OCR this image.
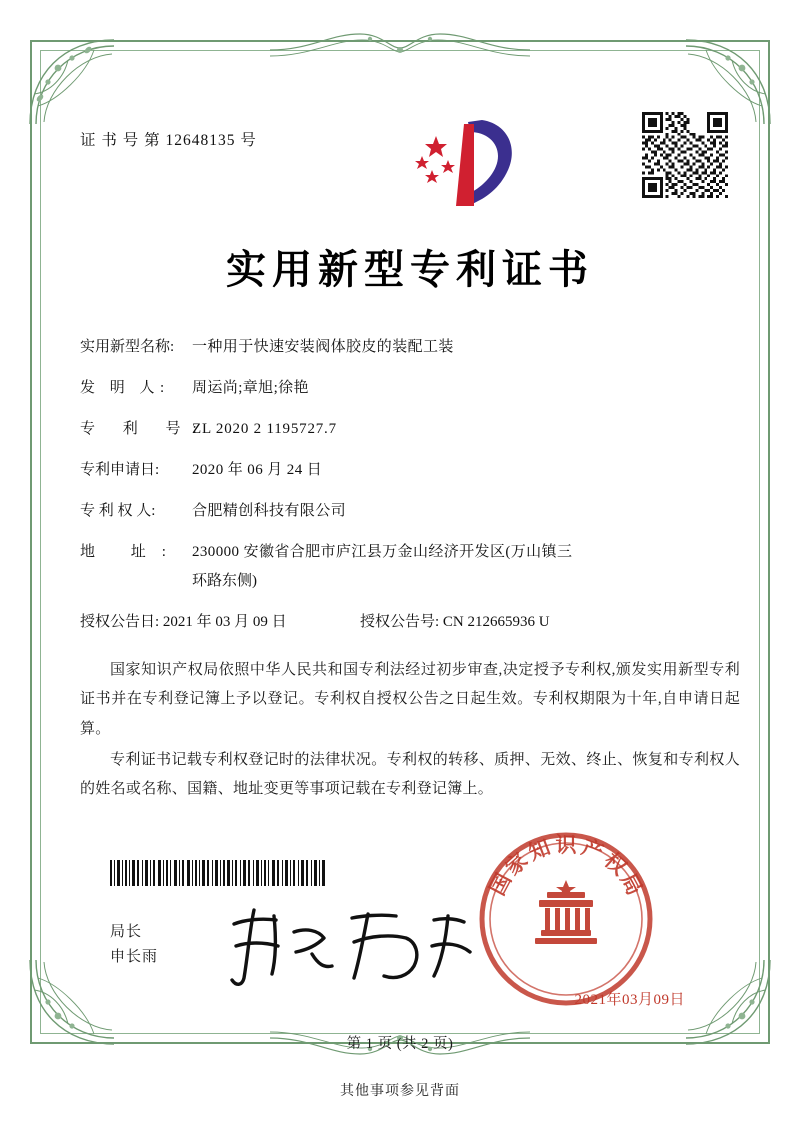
证 书 号 第 12648135 号
实用新型专利证书
实用新型名称:	一种用于快速安装阀体胶皮的装配工装
发 明 人:	周运尚;章旭;徐艳
专 利 号:
ZL 2020 2 1195727.7
专利申请日:	2020 年 06 月 24 日
专 利 权 人:	合肥精创科技有限公司
地 址: 230000 安徽省合肥市庐江县万金山经济开发区(万山镇三
环路东侧)
授权公告日: 2021 年 03 月 09 日	授权公告号: CN 212665936 U

国家知识产权局依照中华人民共和国专利法经过初步审查,决定授予专利权,颁发实用新型专利证书并在专利登记簿上予以登记。专利权自授权公告之日起生效。专利权期限为十年,自申请日起算。

专利证书记载专利权登记时的法律状况。专利权的转移、质押、无效、终止、恢复和专利权人的姓名或名称、国籍、地址变更等事项记载在专利登记簿上。

局长
申长雨
国
家
知 识 产
权
局
2021年03月09日
第 1 页 (共 2 页)
其他事项参见背面
